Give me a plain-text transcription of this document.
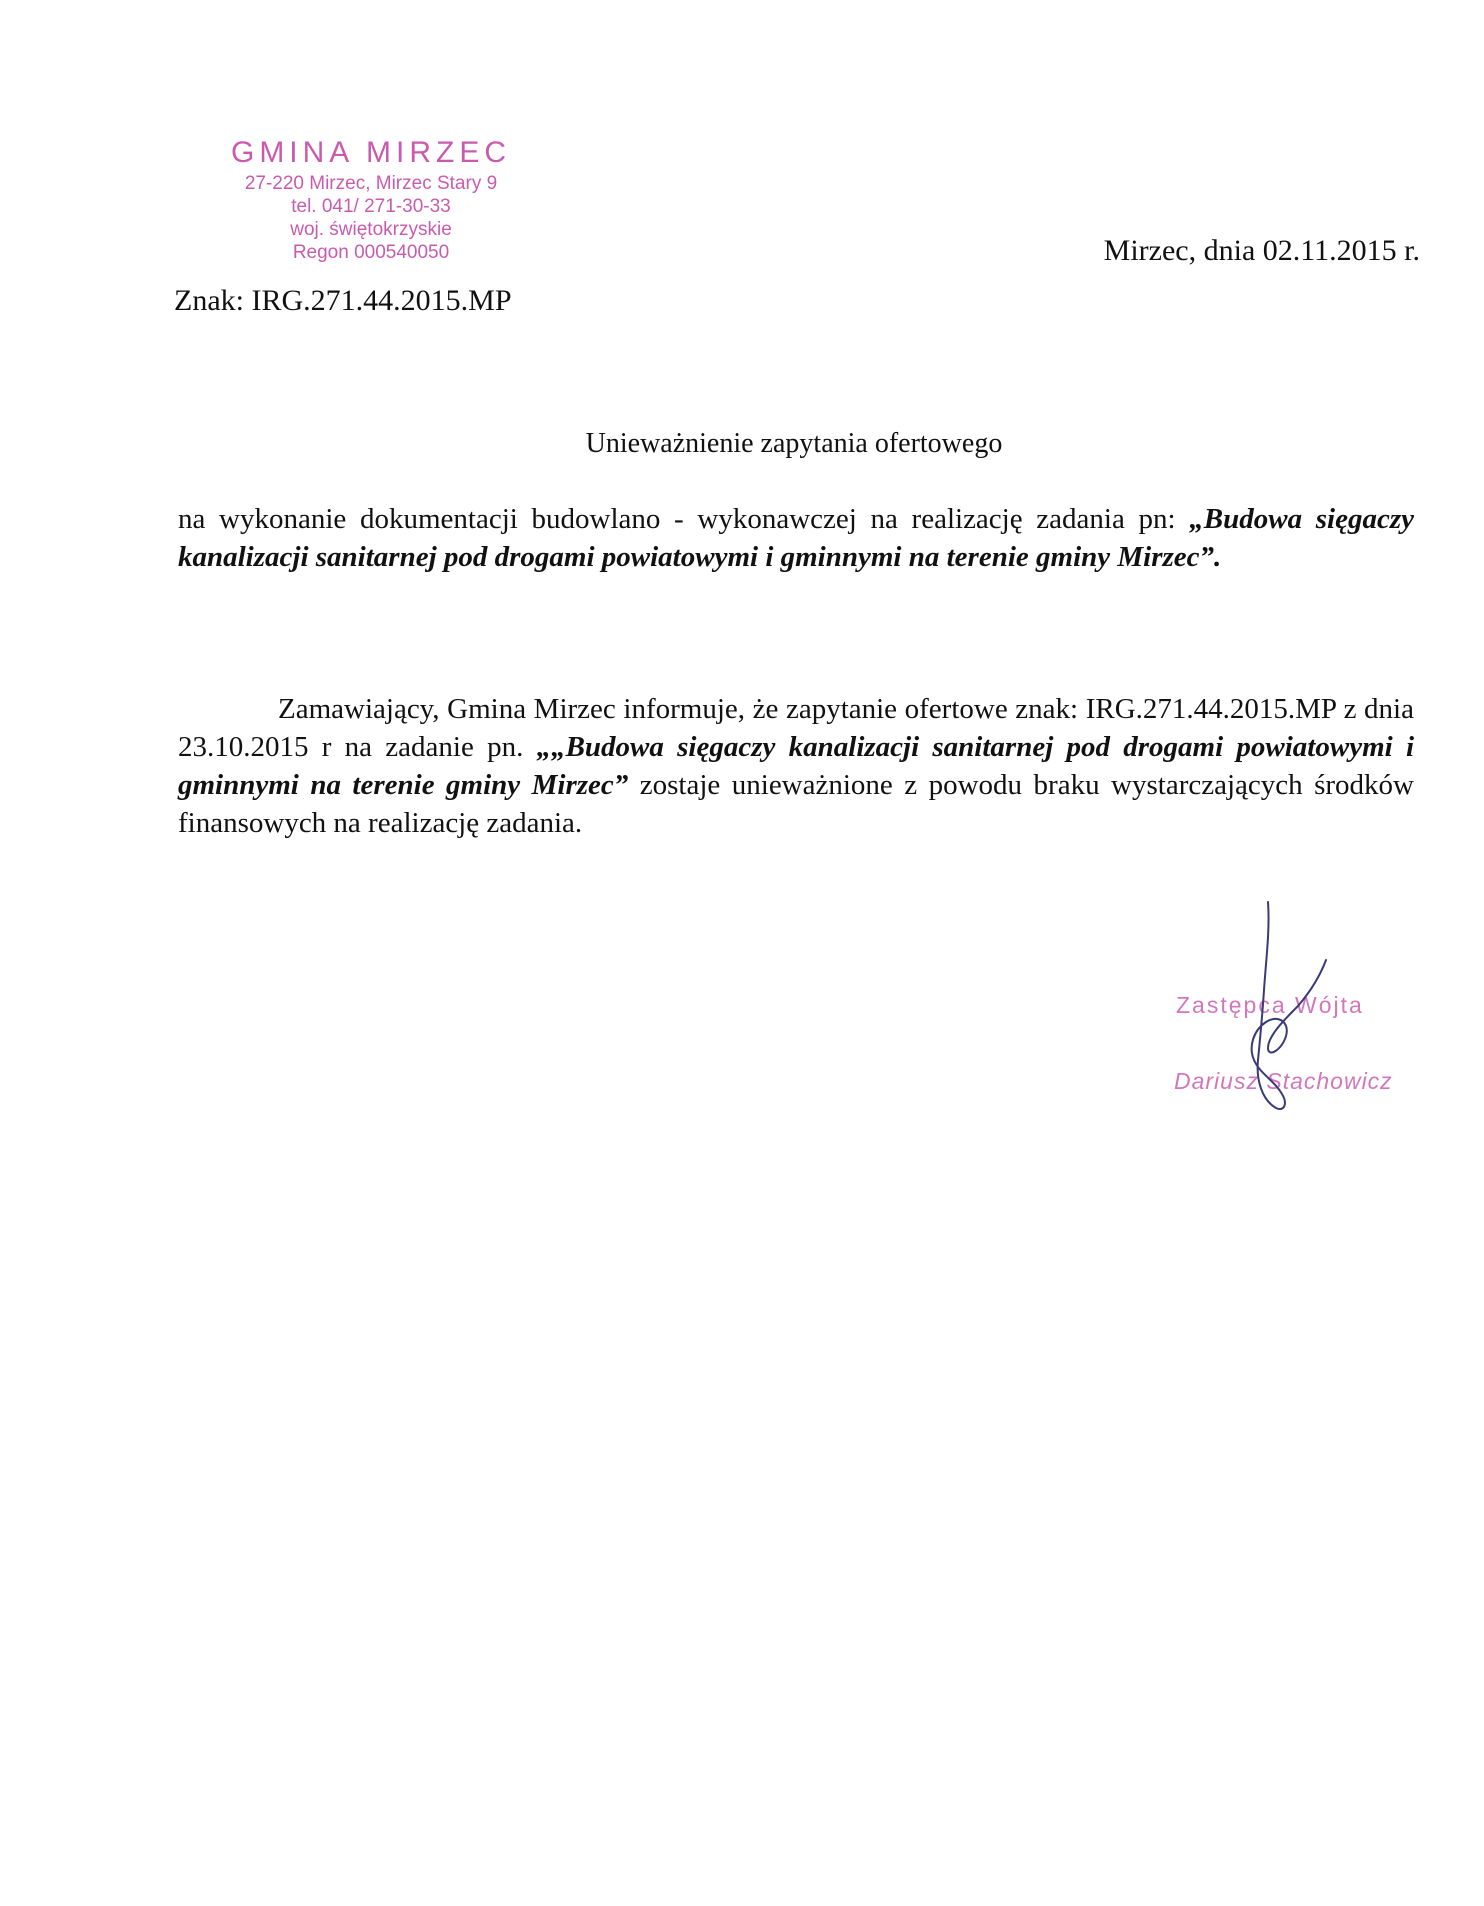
GMINA MIRZEC
27-220 Mirzec, Mirzec Stary 9
tel. 041/ 271-30-33
woj. świętokrzyskie
Regon 000540050	Mirzec, dnia 02.11.2015 r.
Znak: IRG.271.44.2015.MP
Unieważnienie zapytania ofertowego
na wykonanie dokumentacji budowlano - wykonawczej na realizację zadania pn: „Budowa sięgaczy kanalizacji sanitarnej pod drogami powiatowymi i gminnymi na terenie gminy Mirzec”.
Zamawiający, Gmina Mirzec informuje, że zapytanie ofertowe znak: IRG.271.44.2015.MP z dnia 23.10.2015 r na zadanie pn. „„Budowa sięgaczy kanalizacji sanitarnej pod drogami powiatowymi i gminnymi na terenie gminy Mirzec” zostaje unieważnione z powodu braku wystarczających środków finansowych na realizację zadania.
Zastępca Wójta
Dariusz Stachowicz
